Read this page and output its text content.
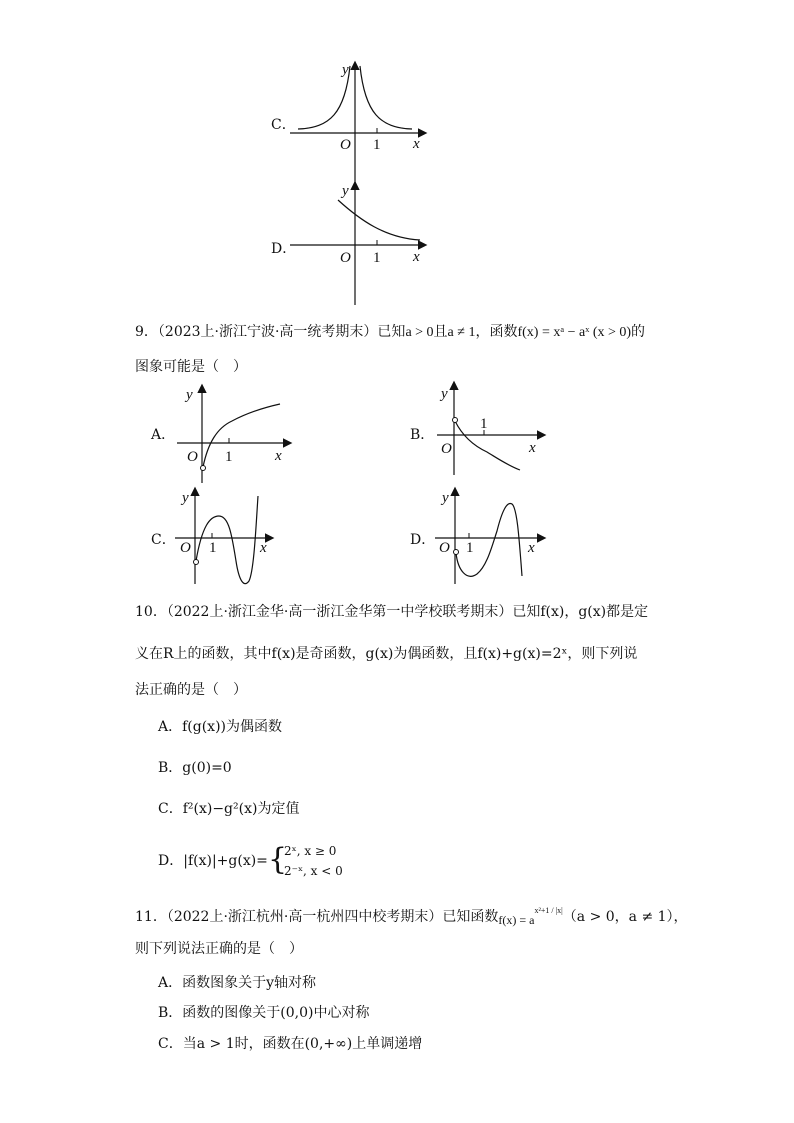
C．
y
x
O 1
D．
y
x
O 1
9．（2023上·浙江宁波·高一统考期末）已知a > 0且a ≠ 1，函数f(x) = xᵃ − aˣ (x > 0)的
图象可能是（　）
A．
y
x
O 1
B．
y
x
O
1
C．
y
x
O 1	D．
y
x
O 1
10．（2022上·浙江金华·高一浙江金华第一中学校联考期末）已知f(x)，g(x)都是定
义在R上的函数，其中f(x)是奇函数，g(x)为偶函数，且f(x)+g(x)=2ˣ，则下列说
法正确的是（　）
A．f(g(x))为偶函数
B．g(0)=0
C．f²(x)−g²(x)为定值
D．|f(x)|+g(x)= {
2ˣ, x ≥ 0
2⁻ˣ, x < 0
11．（2022上·浙江杭州·高一杭州四中校考期末）已知函数$f(x) = a^{x^2+1 / |x|}(a > 0$，a ≠ 1），
则下列说法正确的是（　）
A．函数图象关于y轴对称
B．函数的图像关于(0,0)中心对称
C．当a > 1时，函数在(0,+∞)上单调递增
